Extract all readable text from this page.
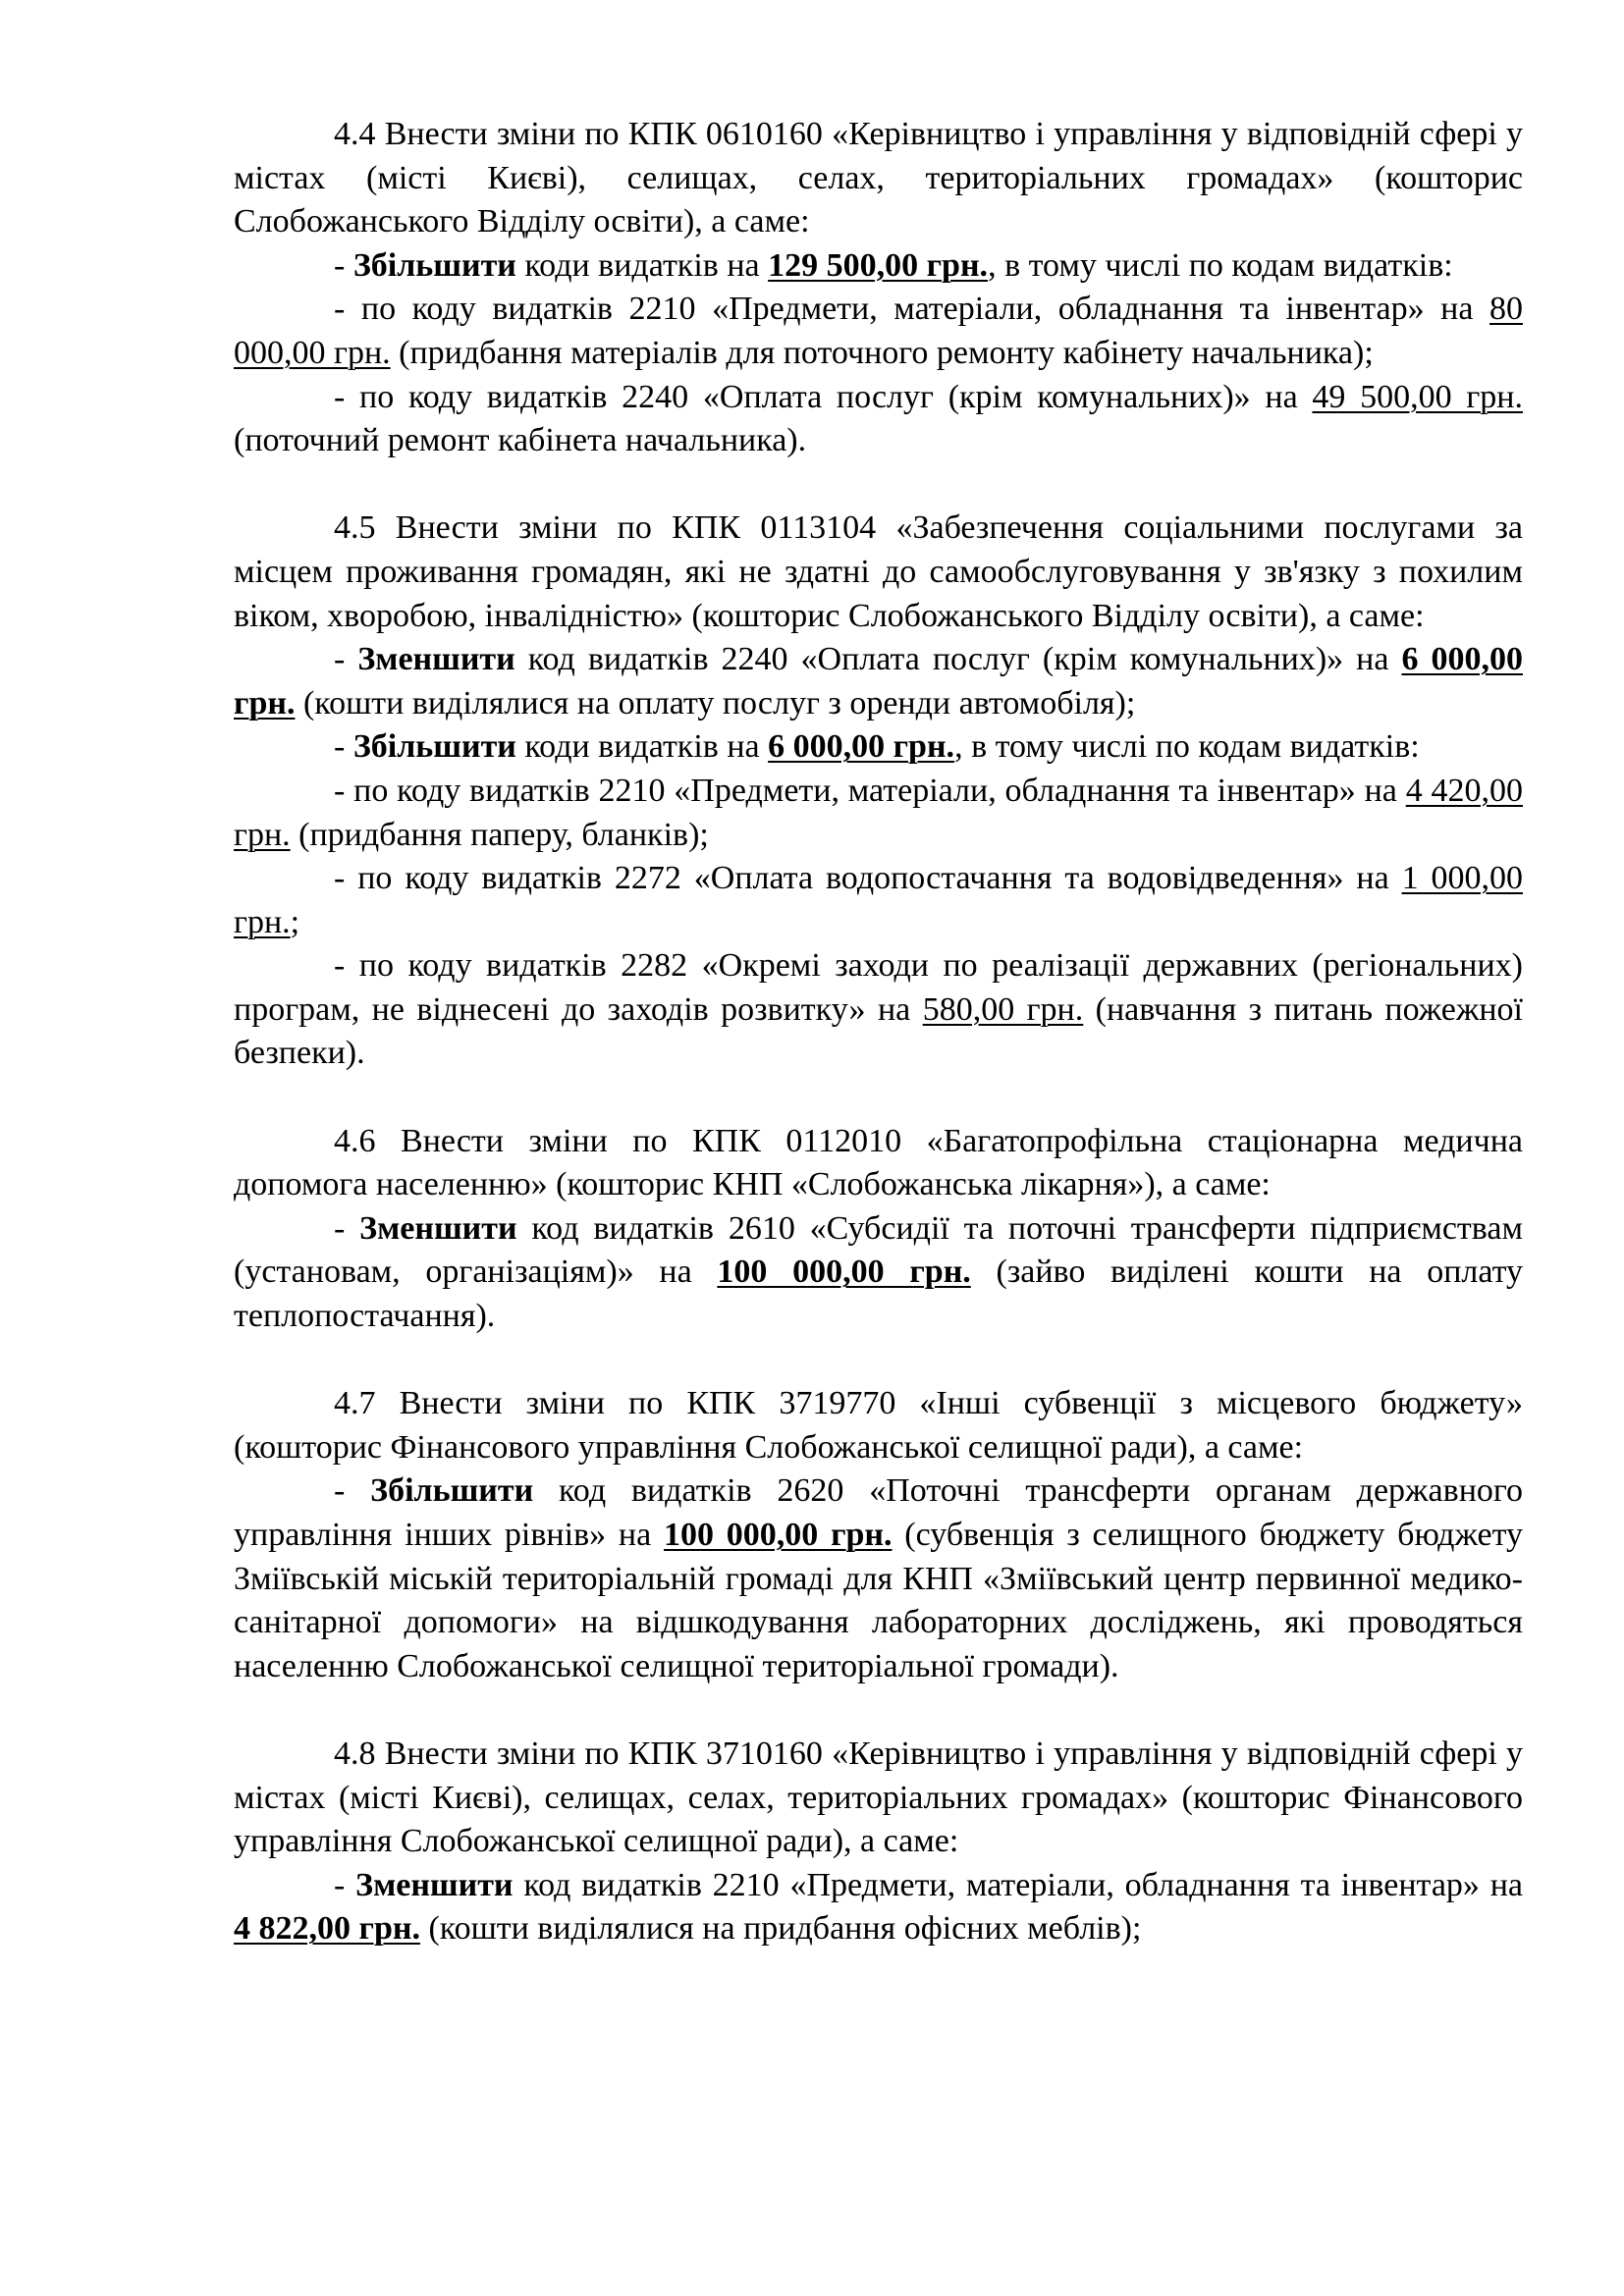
4.4 Внести зміни по КПК 0610160 «Керівництво і управління у відповідній сфері у містах (місті Києві), селищах, селах, територіальних громадах» (кошторис Слобожанського Відділу освіти), а саме:

- Збільшити коди видатків на 129 500,00 грн., в тому числі по кодам видатків:

- по коду видатків 2210 «Предмети, матеріали, обладнання та інвентар» на 80 000,00 грн. (придбання матеріалів для поточного ремонту кабінету начальника);

- по коду видатків 2240 «Оплата послуг (крім комунальних)» на 49 500,00 грн. (поточний ремонт кабінета начальника).

4.5 Внести зміни по КПК 0113104 «Забезпечення соціальними послугами за місцем проживання громадян, які не здатні до самообслуговування у зв'язку з похилим віком, хворобою, інвалідністю» (кошторис Слобожанського Відділу освіти), а саме:

- Зменшити код видатків 2240 «Оплата послуг (крім комунальних)» на 6 000,00 грн. (кошти виділялися на оплату послуг з оренди автомобіля);

- Збільшити коди видатків на 6 000,00 грн., в тому числі по кодам видатків:

- по коду видатків 2210 «Предмети, матеріали, обладнання та інвентар» на 4 420,00 грн. (придбання паперу, бланків);

- по коду видатків 2272 «Оплата водопостачання та водовідведення» на 1 000,00 грн.;

- по коду видатків 2282 «Окремі заходи по реалізації державних (регіональних) програм, не віднесені до заходів розвитку» на 580,00 грн. (навчання з питань пожежної безпеки).

4.6 Внести зміни по КПК 0112010 «Багатопрофільна стаціонарна медична допомога населенню» (кошторис КНП «Слобожанська лікарня»), а саме:

- Зменшити код видатків 2610 «Субсидії та поточні трансферти підприємствам (установам, організаціям)» на 100 000,00 грн. (зайво виділені кошти на оплату теплопостачання).

4.7 Внести зміни по КПК 3719770 «Інші субвенції з місцевого бюджету» (кошторис Фінансового управління Слобожанської селищної ради), а саме:

- Збільшити код видатків 2620 «Поточні трансферти органам державного управління інших рівнів» на 100 000,00 грн. (субвенція з селищного бюджету бюджету Зміївській міській територіальній громаді для КНП «Зміївський центр первинної медико-санітарної допомоги» на відшкодування лабораторних досліджень, які проводяться населенню Слобожанської селищної територіальної громади).

4.8 Внести зміни по КПК 3710160 «Керівництво і управління у відповідній сфері у містах (місті Києві), селищах, селах, територіальних громадах» (кошторис Фінансового управління Слобожанської селищної ради), а саме:

- Зменшити код видатків 2210 «Предмети, матеріали, обладнання та інвентар» на 4 822,00 грн. (кошти виділялися на придбання офісних меблів);
